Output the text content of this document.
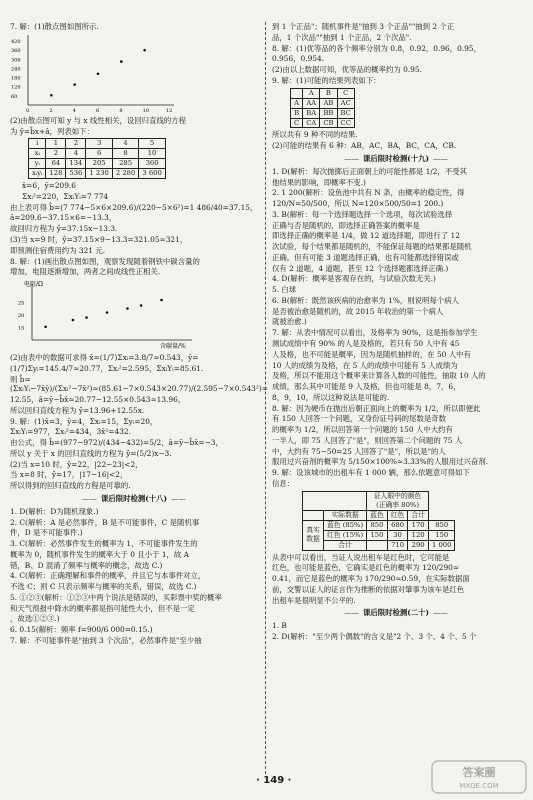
7. 解：(1)散点图如图所示.
0	2	4	6	8	10	12
60
120
180
240
300
360
420
(2)由散点图可知 y 与 x 线性相关，设回归直线的方程
为 ŷ=b̂x+â，列表如下：
i	1	2	3	4	5
xᵢ	2	4	6	8	10
yᵢ	64	134	205	285	360
xᵢyᵢ	128	536	1 230	2 280	3 600
x̄=6，ȳ=209.6
Σxᵢ²=220，ΣxᵢYᵢ=7 774
由上表可得 b̂=(7 774−5×6×209.6)/(220−5×6²)=1 486/40=37.15，
â=209.6−37.15×6=−13.3，
故回归方程为 ŷ=37.15x−13.3.
(3)当 x=9 时，ŷ=37.15×9−13.3=321.05≈321，
即预测住宿费用约为 321 元.
8. 解：(1)画出散点图如图，观察发现随着钢铁中碳含量的
增加，电阻逐渐增加，两者之间成线性正相关.
电阻/Ω
含碳量/%
15
20
25
(2)由表中的数据可求得 x̄=(1/7)Σxᵢ=3.8/7≈0.543，ȳ=
(1/7)Σyᵢ=145.4/7≈20.77，Σxᵢ²=2.595，ΣxᵢYᵢ=85.61.
则 b̂=(ΣxᵢYᵢ−7x̄ȳ)/(Σxᵢ²−7x̄²)≈(85.61−7×0.543×20.77)/(2.595−7×0.543²)≈
12.55，â=ȳ−b̂x̄≈20.77−12.55×0.543≈13.96，
所以回归直线方程为 ŷ=13.96+12.55x.
9. 解：(1)x̄=3，ȳ=4，Σxᵢ=15，Σyᵢ=20，
ΣxᵢYᵢ=977，Σxᵢ²=434，3x̄²=432.
由公式，得 b̂=(977−972)/(434−432)=5/2，â=ȳ−b̂x̄=−3，
所以 y 关于 x 的回归直线的方程为 ŷ=(5/2)x−3.
(2)当 x=10 时，ŷ=22，|22−23|<2，
当 x=8 时，ŷ=17，|17−16|<2，
所以得到的回归直线的方程是可靠的.
—— 课后限时检测(十八) ——
1. D(解析：D为随机现象.)
2. C(解析：A 是必然事件，B 是不可能事件，C 是随机事
件，D 是不可能事件.)
3. C(解析：必然事件发生的概率为 1，不可能事件发生的
概率为 0，随机事件发生的概率大于 0 且小于 1，故 A
错，B、D 混淆了频率与概率的概念，故选 C.)
4. C(解析：正确理解和事件的概率，并且它与本事件对立，
不选 C；则 C 只表示频率与概率的关系，错误，故选 C.)
5. ①②③(解析：①②③中两个说法是错误的，买彩票中奖的概率
和天气预报中降水的概率都是指可能性大小，但不是一定
，故选①②③.)
6. 0.15(解析：频率 f=900/6 000=0.15.)
7. 解：不可能事件是"抽到 3 个次品"，必然事件是"至少抽
到 1 个正品"；随机事件是"抽到 3 个正品""抽到 2 个正
品，1 个次品""抽到 1 个正品，2 个次品".
8. 解：(1)优等品的各个频率分别为 0.8，0.92，0.96，0.95，
0.956，0.954.
(2)由以上数据可知，优等品的概率约为 0.95.
9. 解：(1)可能的结果列表如下：
	A	B	C
A	AA	AB	AC
B	BA	BB	BC
C	CA	CB	CC
所以共有 9 种不同的结果.
(2)可能的结果有 6 种：AB，AC，BA，BC，CA，CB.
—— 课后限时检测(十九) ——
1. D(解析：每次抛掷后正面朝上的可能性都是 1/2，不受其
他结果的影响，即概率不变.)
2. 1 200(解析：设鱼池中共有 N 条，由概率的稳定性，得
120/N=50/500，所以 N=120×500/50=1 200.)
3. B(解析：每一个选择题选择一个选项，每次试验选择
正确与否是随机的，即选择正确答案的概率是
即选择正确的概率是 1/4，做 12 道选择题，即进行了 12
次试验，每个结果都是随机的，不能保证每题的结果都是随机
正确，但有可能 3 道题选择正确，也有可能都选择错误或
仅有 2 道题，4 道题，甚至 12 个选择题都选择正确.)
4. D(解析：概率是客观存在的，与试验次数无关.)
5. 白球
6. B(解析：既然该疾病的治愈率为 1%，则说明每个病人
是否被治愈是随机的，故 2015 年收治的第一个病人
就被治愈.)
7. 解：从表中情况可以看出，及格率为 90%，这是指参加学生
测试成绩中有 90% 的人是及格的，若只有 50 人中有 45
人及格，也不可能是概率，因为是随机抽样的，在 50 人中有
10 人的成绩为及格，在 5 人的成绩中可能有 5 人成绩为
及格，所以不能用这个概率来计算各人数的可能性，抽取 10 人的
成绩，那么其中可能是 9 人及格，但也可能是 8，7，6，
8，9，10，所以这种说法是可能的.
8. 解：因为硬币在抛出后朝正面向上的概率为 1/2，所以即便此
有 150 人回答一个问题，又身份证号码的尾数是奇数
的概率为 1/2，所以回答第一个问题的 150 人中大约有
一半人，即 75 人回答了"是"，则回答第二个问题的 75 人
中，大约有 75−50=25 人回答了"是"，所以是"的人
服用过兴奋剂的概率为 5/150×100%≈3.33%的人服用过兴奋剂.
9. 解：设该城市的出租车有 1 000 辆，那么依题意可得如下
信息：

		证人眼中的颜色
(正确率 80%)			

	实际数据	蓝色	红色	合计	
真实数据	蓝色 (85%)	850	680	170	850
	红色 (15%)	150	30	120	150
	合计		710	290	1 000
从表中可以看出，当证人说出租车是红色时，它可能是
红色，也可能是蓝色，它确实是红色的概率为 120/290≈
0.41，而它是蓝色的概率为 170/290≈0.59，在实际数据面
前，交警以证人的证言作为推断的依据对肇事为该车是红色
出租车是很明显不公平的.
—— 课后限时检测(二十) ——
1. B
2. D(解析："至少两个偶数"的含义是"2 个、3 个、4 个、5 个
· 149 ·
答案圈
MXQE.COM
